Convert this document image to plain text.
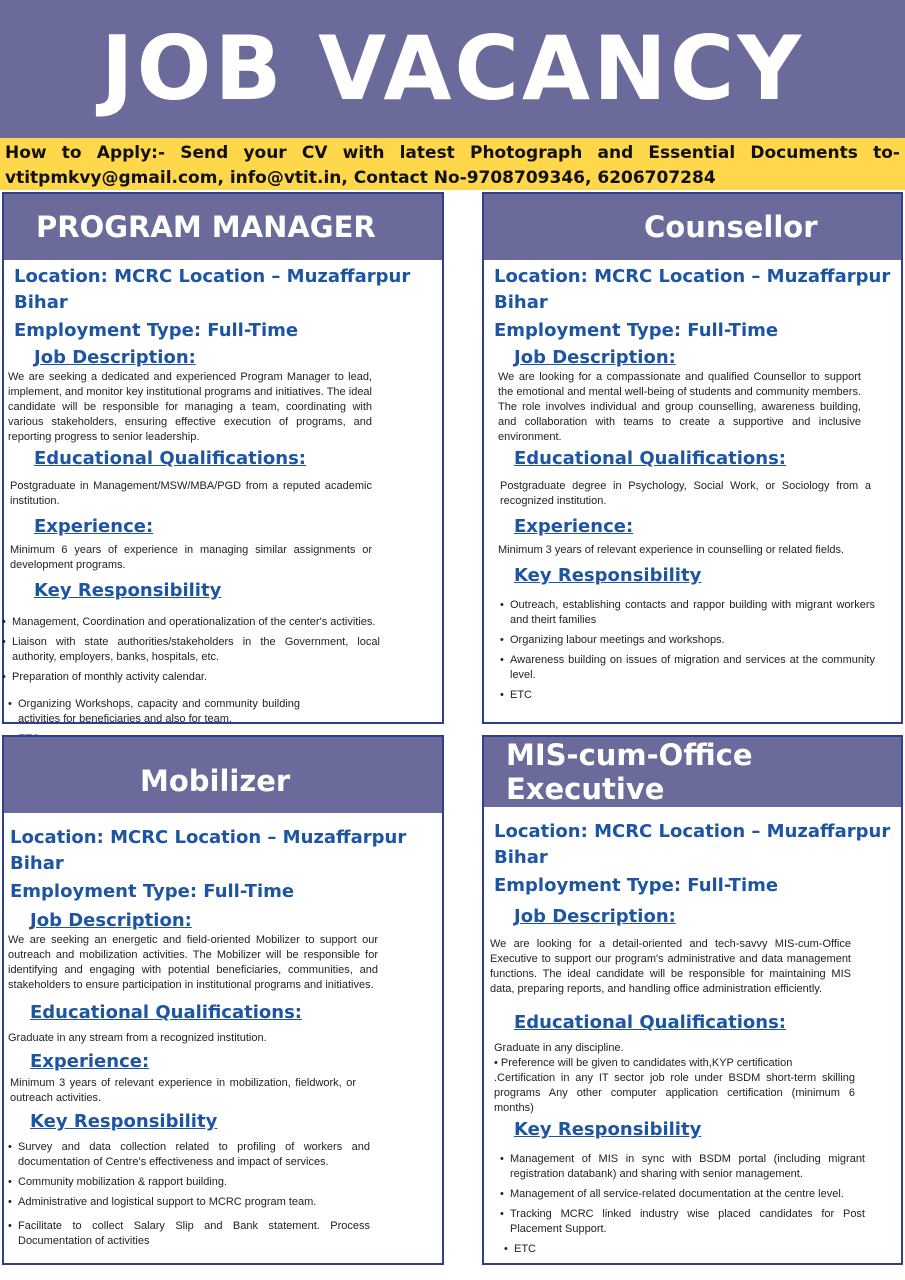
JOB VACANCY
How to Apply:- Send your CV with latest Photograph and Essential Documents to-
vtitpmkvy@gmail.com, info@vtit.in, Contact No-9708709346, 6206707284
PROGRAM MANAGER
Location: MCRC Location – Muzaffarpur Bihar
Employment Type: Full-Time
Job Description:
We are seeking a dedicated and experienced Program Manager to lead, implement, and monitor key institutional programs and initiatives. The ideal candidate will be responsible for managing a team, coordinating with various stakeholders, ensuring effective execution of programs, and reporting progress to senior leadership.
Educational Qualifications:
Postgraduate in Management/MSW/MBA/PGD from a reputed academic institution.
Experience:
Minimum 6 years of experience in managing similar assignments or development programs.
Key Responsibility
• Management, Coordination and operationalization of the center's activities.
• Liaison with state authorities/stakeholders in the Government, local authority, employers, banks, hospitals, etc.
• Preparation of monthly activity calendar.
• Organizing Workshops, capacity and community building activities for beneficiaries and also for team.
•
Counsellor
Location: MCRC Location – Muzaffarpur Bihar
Employment Type: Full-Time
Job Description:
We are looking for a compassionate and qualified Counsellor to support the emotional and mental well-being of students and community members. The role involves individual and group counselling, awareness building, and collaboration with teams to create a supportive and inclusive environment.
Educational Qualifications:
Postgraduate degree in Psychology, Social Work, or Sociology from a recognized institution.
Experience:
Minimum 3 years of relevant experience in counselling or related fields.
Key Responsibility
• Outreach, establishing contacts and rappor building with migrant workers and theirt families
• Organizing labour meetings and workshops.
• Awareness building on issues of migration and services at the community level.
• ETC
Mobilizer
Location: MCRC Location – Muzaffarpur Bihar
Employment Type: Full-Time
Job Description:
We are seeking an energetic and field-oriented Mobilizer to support our outreach and mobilization activities. The Mobilizer will be responsible for identifying and engaging with potential beneficiaries, communities, and stakeholders to ensure participation in institutional programs and initiatives.
Educational Qualifications:
Graduate in any stream from a recognized institution.
Experience:
Minimum 3 years of relevant experience in mobilization, fieldwork, or outreach activities.
Key Responsibility
• Survey and data collection related to profiling of workers and documentation of Centre's effectiveness and impact of services.
• Community mobilization & rapport building.
• Administrative and logistical support to MCRC program team.
• Facilitate to collect Salary Slip and Bank statement. Process Documentation of activities
MIS-cum-Office Executive
Location: MCRC Location – Muzaffarpur Bihar
Employment Type: Full-Time
Job Description:
We are looking for a detail-oriented and tech-savvy MIS-cum-Office Executive to support our program's administrative and data management functions. The ideal candidate will be responsible for maintaining MIS data, preparing reports, and handling office administration efficiently.
Educational Qualifications:
Graduate in any discipline.
• Preference will be given to candidates with,KYP certification
.Certification in any IT sector job role under BSDM short-term skilling programs Any other computer application certification (minimum 6 months)
Key Responsibility
• Management of MIS in sync with BSDM portal (including migrant registration databank) and sharing with senior management.
• Management of all service-related documentation at the centre level.
• Tracking MCRC linked industry wise placed candidates for Post Placement Support.
• ETC
